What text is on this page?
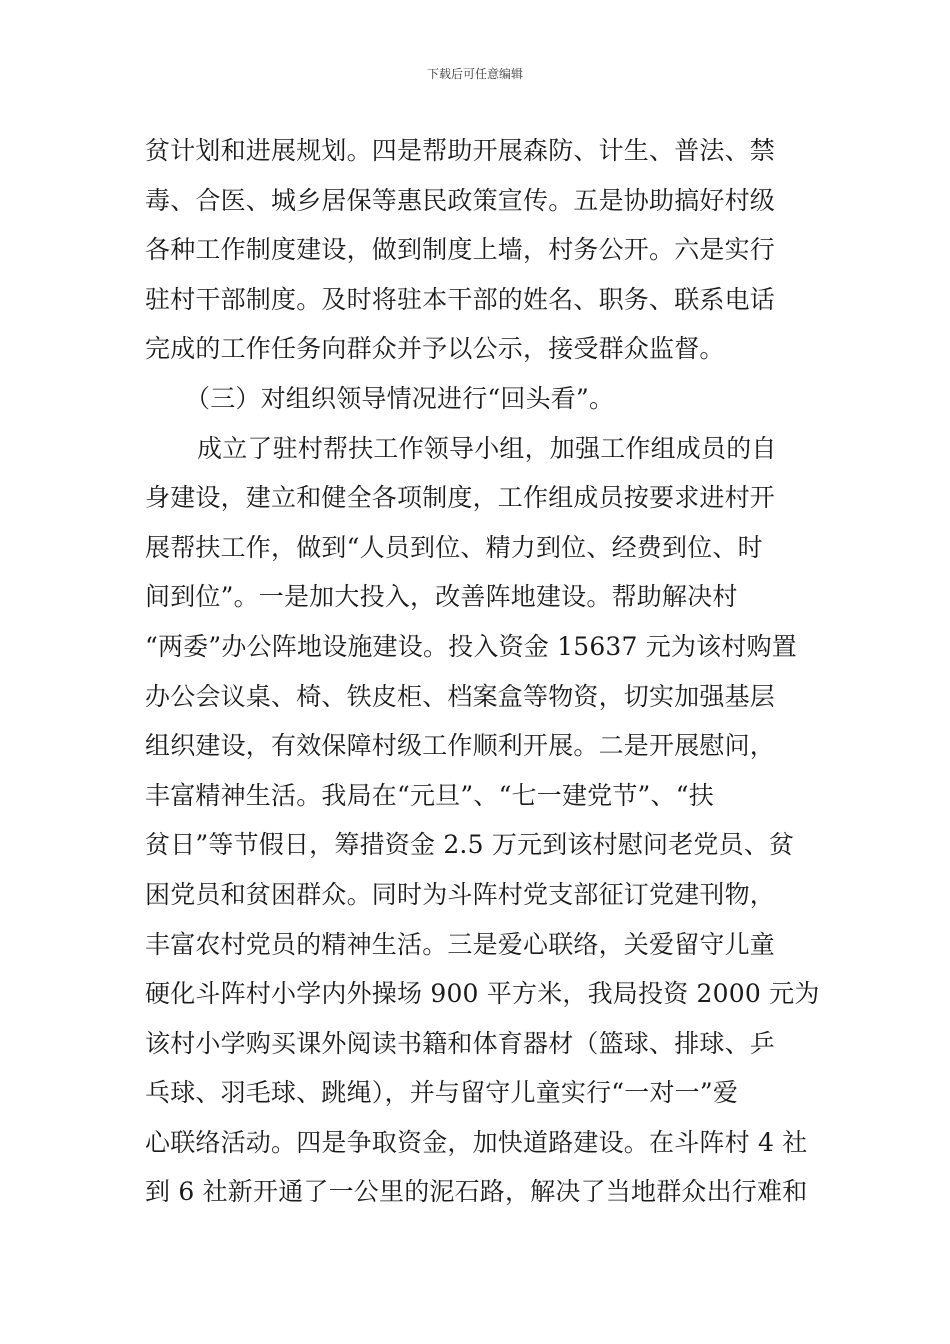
下载后可任意编辑
贫计划和进展规划。四是帮助开展森防、计生、普法、禁
毒、合医、城乡居保等惠民政策宣传。五是协助搞好村级
各种工作制度建设，做到制度上墙，村务公开。六是实行
驻村干部制度。及时将驻本干部的姓名、职务、联系电话
完成的工作任务向群众并予以公示，接受群众监督。
（三）对组织领导情况进行“回头看”。
成立了驻村帮扶工作领导小组，加强工作组成员的自
身建设，建立和健全各项制度，工作组成员按要求进村开
展帮扶工作，做到“人员到位、精力到位、经费到位、时
间到位”。一是加大投入，改善阵地建设。帮助解决村
“两委”办公阵地设施建设。投入资金 15637 元为该村购置
办公会议桌、椅、铁皮柜、档案盒等物资，切实加强基层
组织建设，有效保障村级工作顺利开展。二是开展慰问，
丰富精神生活。我局在“元旦”、“七一建党节”、“扶
贫日”等节假日，筹措资金 2.5 万元到该村慰问老党员、贫
困党员和贫困群众。同时为斗阵村党支部征订党建刊物，
丰富农村党员的精神生活。三是爱心联络，关爱留守儿童
硬化斗阵村小学内外操场 900 平方米，我局投资 2000 元为
该村小学购买课外阅读书籍和体育器材（篮球、排球、乒
乓球、羽毛球、跳绳），并与留守儿童实行“一对一”爱
心联络活动。四是争取资金，加快道路建设。在斗阵村 4 社
到 6 社新开通了一公里的泥石路，解决了当地群众出行难和
